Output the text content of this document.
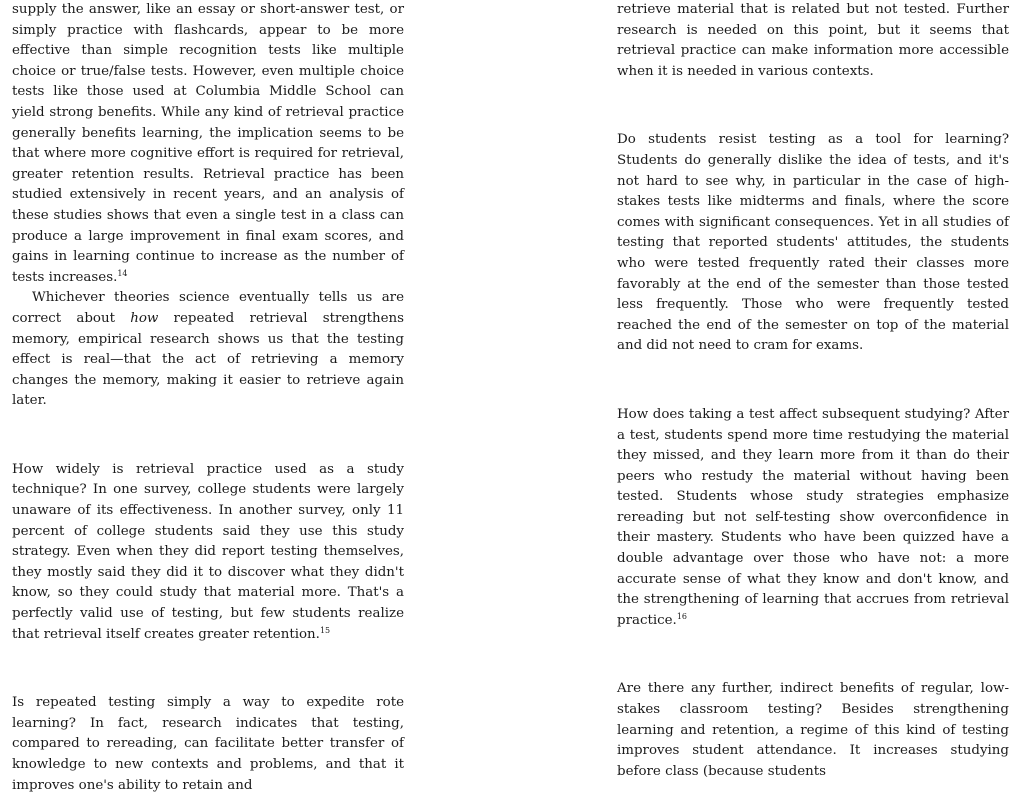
supply the answer, like an essay or short-answer test, or simply practice with flashcards, appear to be more effective than simple recognition tests like multiple choice or true/false tests. However, even multiple choice tests like those used at Columbia Middle School can yield strong benefits. While any kind of retrieval practice generally benefits learning, the implication seems to be that where more cognitive effort is required for retrieval, greater retention results. Retrieval practice has been studied extensively in recent years, and an analysis of these studies shows that even a single test in a class can produce a large improvement in final exam scores, and gains in learning continue to increase as the number of tests increases.$^{14}$

Whichever theories science eventually tells us are correct about how repeated retrieval strengthens memory, empirical research shows us that the testing effect is real—that the act of retrieving a memory changes the memory, making it easier to retrieve again later.

How widely is retrieval practice used as a study technique? In one survey, college students were largely unaware of its effectiveness. In another survey, only 11 percent of college students said they use this study strategy. Even when they did report testing themselves, they mostly said they did it to discover what they didn't know, so they could study that material more. That's a perfectly valid use of testing, but few students realize that retrieval itself creates greater retention.$^{15}$

Is repeated testing simply a way to expedite rote learning? In fact, research indicates that testing, compared to rereading, can facilitate better transfer of knowledge to new contexts and problems, and that it improves one's ability to retain and

retrieve material that is related but not tested. Further research is needed on this point, but it seems that retrieval practice can make information more accessible when it is needed in various contexts.

Do students resist testing as a tool for learning? Students do generally dislike the idea of tests, and it's not hard to see why, in particular in the case of high-stakes tests like midterms and finals, where the score comes with significant consequences. Yet in all studies of testing that reported students' attitudes, the students who were tested frequently rated their classes more favorably at the end of the semester than those tested less frequently. Those who were frequently tested reached the end of the semester on top of the material and did not need to cram for exams.

How does taking a test affect subsequent studying? After a test, students spend more time restudying the material they missed, and they learn more from it than do their peers who restudy the material without having been tested. Students whose study strategies emphasize rereading but not self-testing show overconfidence in their mastery. Students who have been quizzed have a double advantage over those who have not: a more accurate sense of what they know and don't know, and the strengthening of learning that accrues from retrieval practice.$^{16}$

Are there any further, indirect benefits of regular, low-stakes classroom testing? Besides strengthening learning and retention, a regime of this kind of testing improves student attendance. It increases studying before class (because students
